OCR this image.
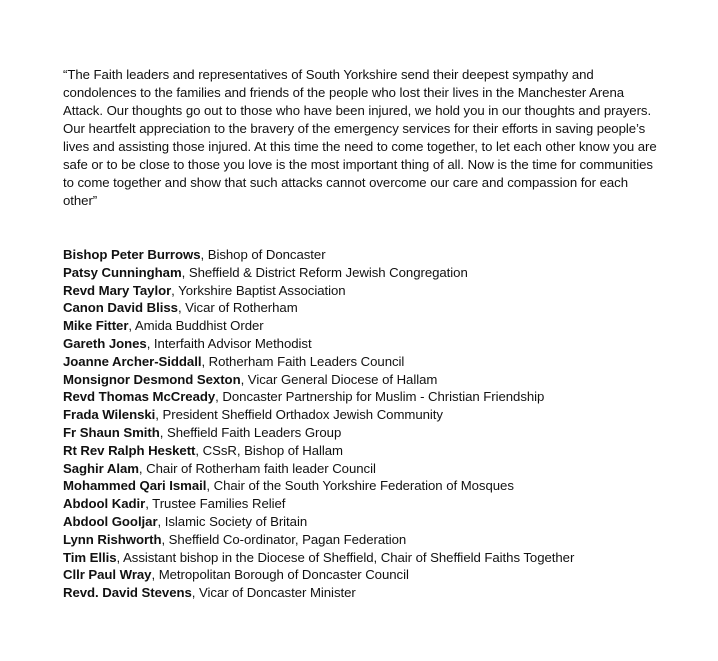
“The Faith leaders and representatives of South Yorkshire send their deepest sympathy and condolences to the families and friends of the people who lost their lives in the Manchester Arena Attack. Our thoughts go out to those who have been injured, we hold you in our thoughts and prayers. Our heartfelt appreciation to the bravery of the emergency services for their efforts in saving people’s lives and assisting those injured. At this time the need to come together, to let each other know you are safe or to be close to those you love is the most important thing of all. Now is the time for communities to come together and show that such attacks cannot overcome our care and compassion for each other”

Bishop Peter Burrows, Bishop of Doncaster
Patsy Cunningham, Sheffield & District Reform Jewish Congregation
Revd Mary Taylor, Yorkshire Baptist Association
Canon David Bliss, Vicar of Rotherham
Mike Fitter, Amida Buddhist Order
Gareth Jones, Interfaith Advisor Methodist
Joanne Archer-Siddall, Rotherham Faith Leaders Council
Monsignor Desmond Sexton, Vicar General Diocese of Hallam
Revd Thomas McCready, Doncaster Partnership for Muslim - Christian Friendship
Frada Wilenski, President Sheffield Orthadox Jewish Community
Fr Shaun Smith, Sheffield Faith Leaders Group
Rt Rev Ralph Heskett, CSsR, Bishop of Hallam
Saghir Alam, Chair of Rotherham faith leader Council
Mohammed Qari Ismail, Chair of the South Yorkshire Federation of Mosques
Abdool Kadir, Trustee Families Relief
Abdool Gooljar, Islamic Society of Britain
Lynn Rishworth, Sheffield Co-ordinator, Pagan Federation
Tim Ellis, Assistant bishop in the Diocese of Sheffield, Chair of Sheffield Faiths Together
Cllr Paul Wray, Metropolitan Borough of Doncaster Council
Revd. David Stevens, Vicar of Doncaster Minister
